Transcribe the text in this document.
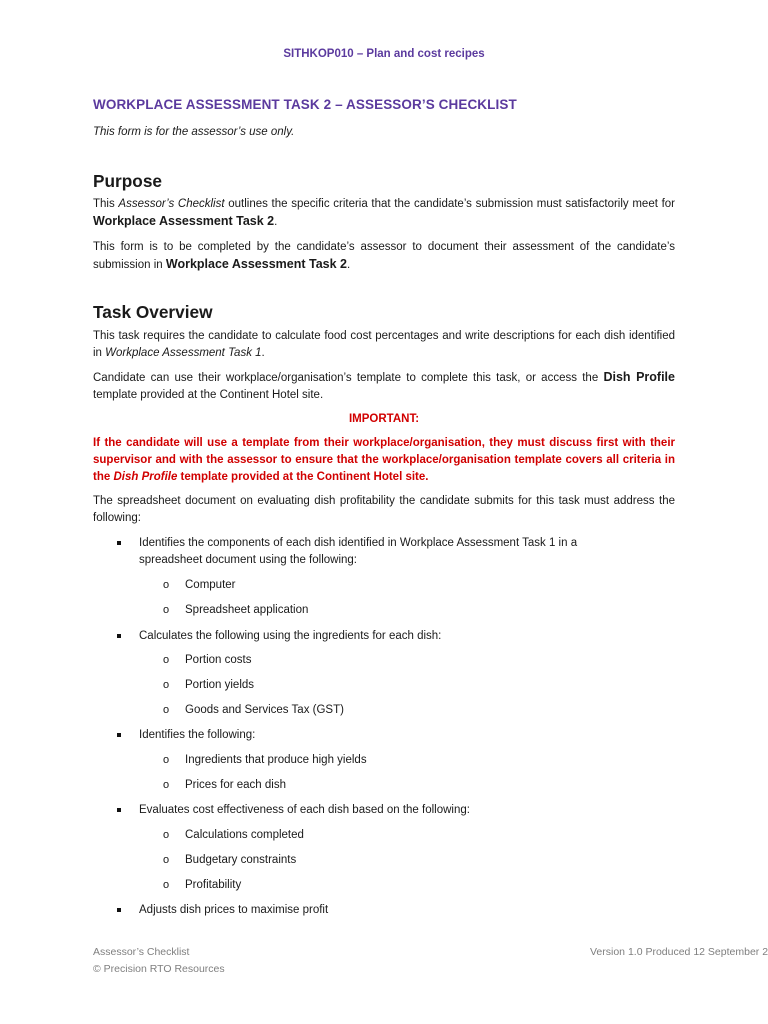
SITHKOP010 – Plan and cost recipes
WORKPLACE ASSESSMENT TASK 2 – ASSESSOR’S CHECKLIST
This form is for the assessor’s use only.
Purpose

This Assessor’s Checklist outlines the specific criteria that the candidate’s submission must satisfactorily meet for Workplace Assessment Task 2.

This form is to be completed by the candidate’s assessor to document their assessment of the candidate’s submission in Workplace Assessment Task 2.

Task Overview

This task requires the candidate to calculate food cost percentages and write descriptions for each dish identified in Workplace Assessment Task 1.

Candidate can use their workplace/organisation’s template to complete this task, or access the Dish Profile template provided at the Continent Hotel site.

IMPORTANT:

If the candidate will use a template from their workplace/organisation, they must discuss first with their supervisor and with the assessor to ensure that the workplace/organisation template covers all criteria in the Dish Profile template provided at the Continent Hotel site.

The spreadsheet document on evaluating dish profitability the candidate submits for this task must address the following:

Identifies the components of each dish identified in Workplace Assessment Task 1 in a spreadsheet document using the following:
o Computer
o Spreadsheet application
Calculates the following using the ingredients for each dish:
o Portion costs
o Portion yields
o Goods and Services Tax (GST)
Identifies the following:
o Ingredients that produce high yields
o Prices for each dish
Evaluates cost effectiveness of each dish based on the following:
o Calculations completed
o Budgetary constraints
o Profitability
Adjusts dish prices to maximise profit
Assessor’s Checklist
© Precision RTO Resources
Version 1.0 Produced 12 September 2
